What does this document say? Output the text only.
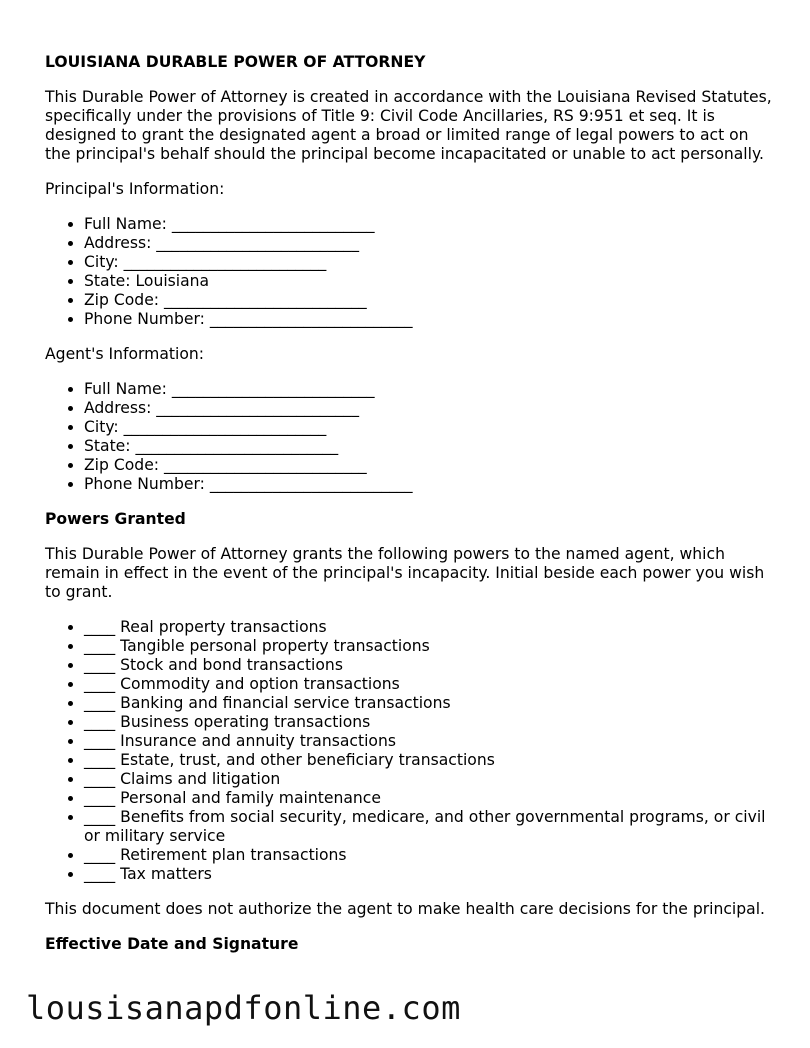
LOUISIANA DURABLE POWER OF ATTORNEY

This Durable Power of Attorney is created in accordance with the Louisiana Revised Statutes, specifically under the provisions of Title 9: Civil Code Ancillaries, RS 9:951 et seq. It is designed to grant the designated agent a broad or limited range of legal powers to act on the principal's behalf should the principal become incapacitated or unable to act personally.

Principal's Information:

• Full Name: __________________________
• Address: __________________________
• City: __________________________
• State: Louisiana
• Zip Code: __________________________
• Phone Number: __________________________

Agent's Information:

• Full Name: __________________________
• Address: __________________________
• City: __________________________
• State: __________________________
• Zip Code: __________________________
• Phone Number: __________________________
Powers Granted

This Durable Power of Attorney grants the following powers to the named agent, which remain in effect in the event of the principal's incapacity. Initial beside each power you wish to grant.

• ____ Real property transactions
• ____ Tangible personal property transactions
• ____ Stock and bond transactions
• ____ Commodity and option transactions
• ____ Banking and financial service transactions
• ____ Business operating transactions
• ____ Insurance and annuity transactions
• ____ Estate, trust, and other beneficiary transactions
• ____ Claims and litigation
• ____ Personal and family maintenance
• ____ Benefits from social security, medicare, and other governmental programs, or civil or military service
• ____ Retirement plan transactions
• ____ Tax matters

This document does not authorize the agent to make health care decisions for the principal.

Effective Date and Signature
lousisanapdfonline.com
